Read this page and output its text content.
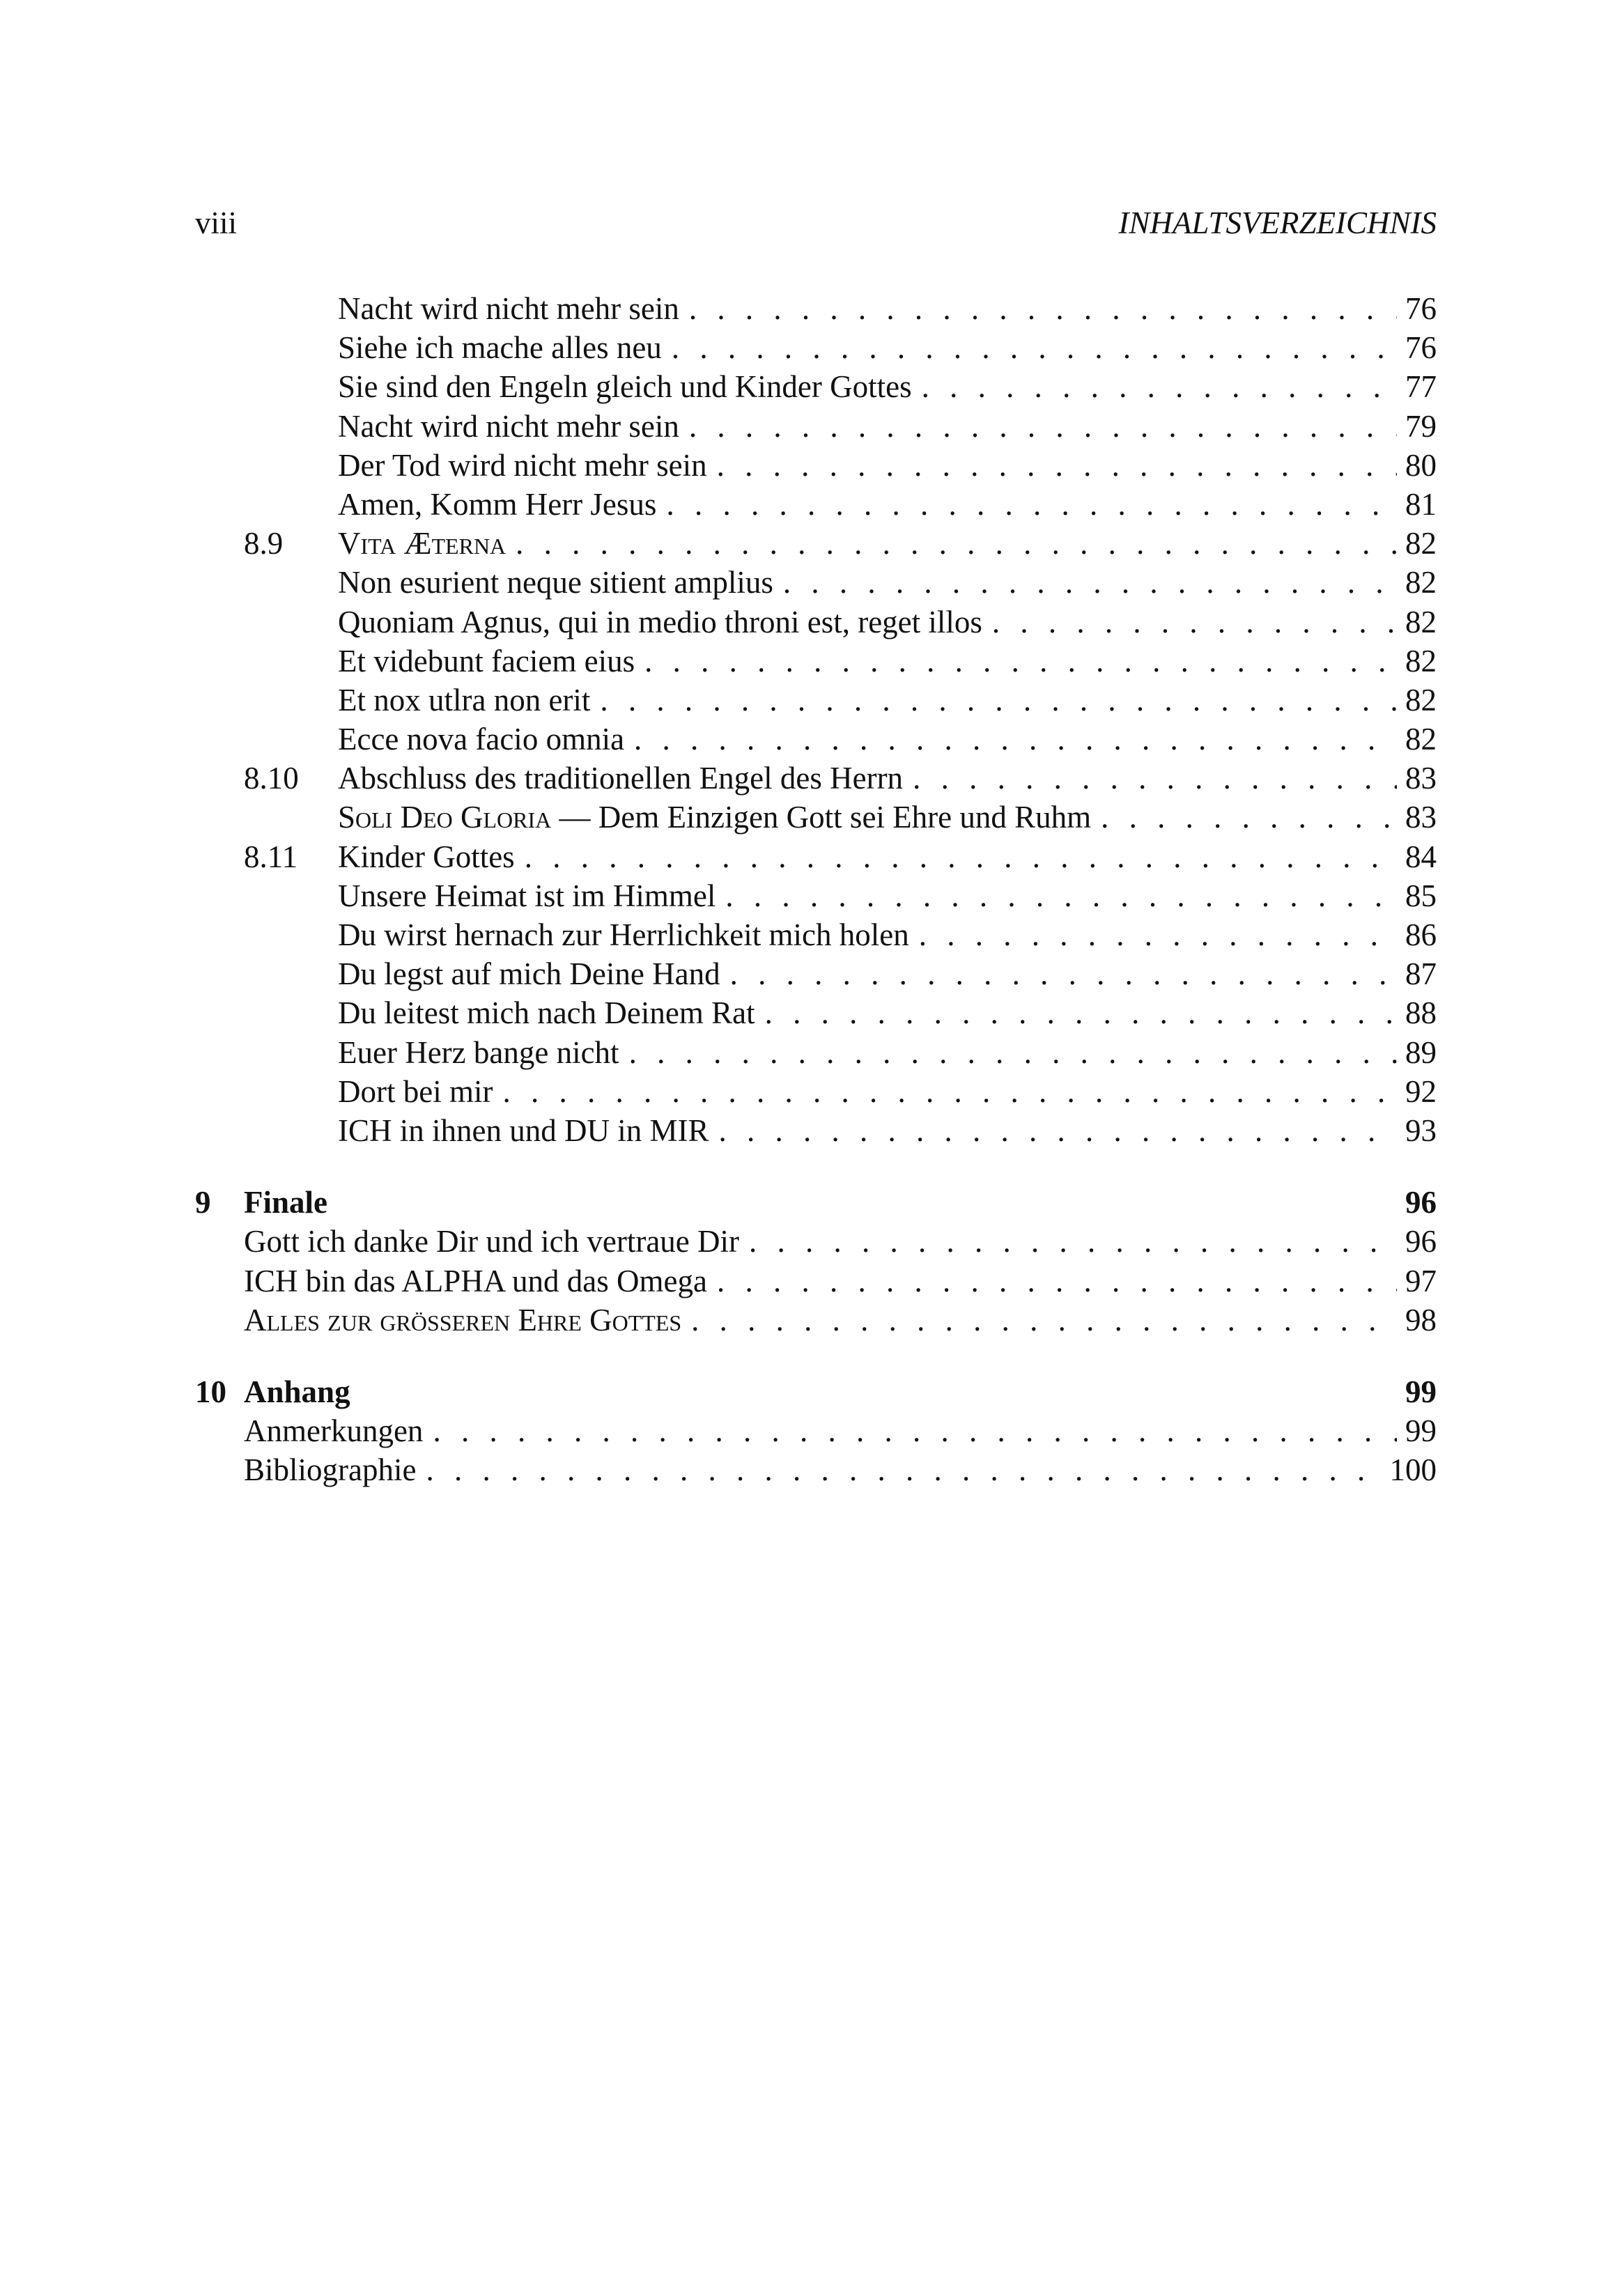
viii	INHALTSVERZEICHNIS
Nacht wird nicht mehr sein . . .	76
Siehe ich mache alles neu . . .	76
Sie sind den Engeln gleich und Kinder Gottes . . .	77
Nacht wird nicht mehr sein . . .	79
Der Tod wird nicht mehr sein . . .	80
Amen, Komm Herr Jesus . . .	81
8.9	Vita Æterna . . .	82
Non esurient neque sitient amplius . . .	82
Quoniam Agnus, qui in medio throni est, reget illos . . .	82
Et videbunt faciem eius . . .	82
Et nox utlra non erit . . .	82
Ecce nova facio omnia . . .	82
8.10	Abschluss des traditionellen Engel des Herrn . . .	83
Soli Deo Gloria — Dem Einzigen Gott sei Ehre und Ruhm . . .	83
8.11	Kinder Gottes . . .	84
Unsere Heimat ist im Himmel . . .	85
Du wirst hernach zur Herrlichkeit mich holen . . .	86
Du legst auf mich Deine Hand . . .	87
Du leitest mich nach Deinem Rat . . .	88
Euer Herz bange nicht . . .	89
Dort bei mir . . .	92
ICH in ihnen und DU in MIR . . .	93
9	Finale	96
Gott ich danke Dir und ich vertraue Dir . . .	96
ICH bin das ALPHA und das Omega . . .	97
Alles zur grösseren Ehre Gottes . . .	98
10 Anhang	99
Anmerkungen . . .	99
Bibliographie . . .	100
